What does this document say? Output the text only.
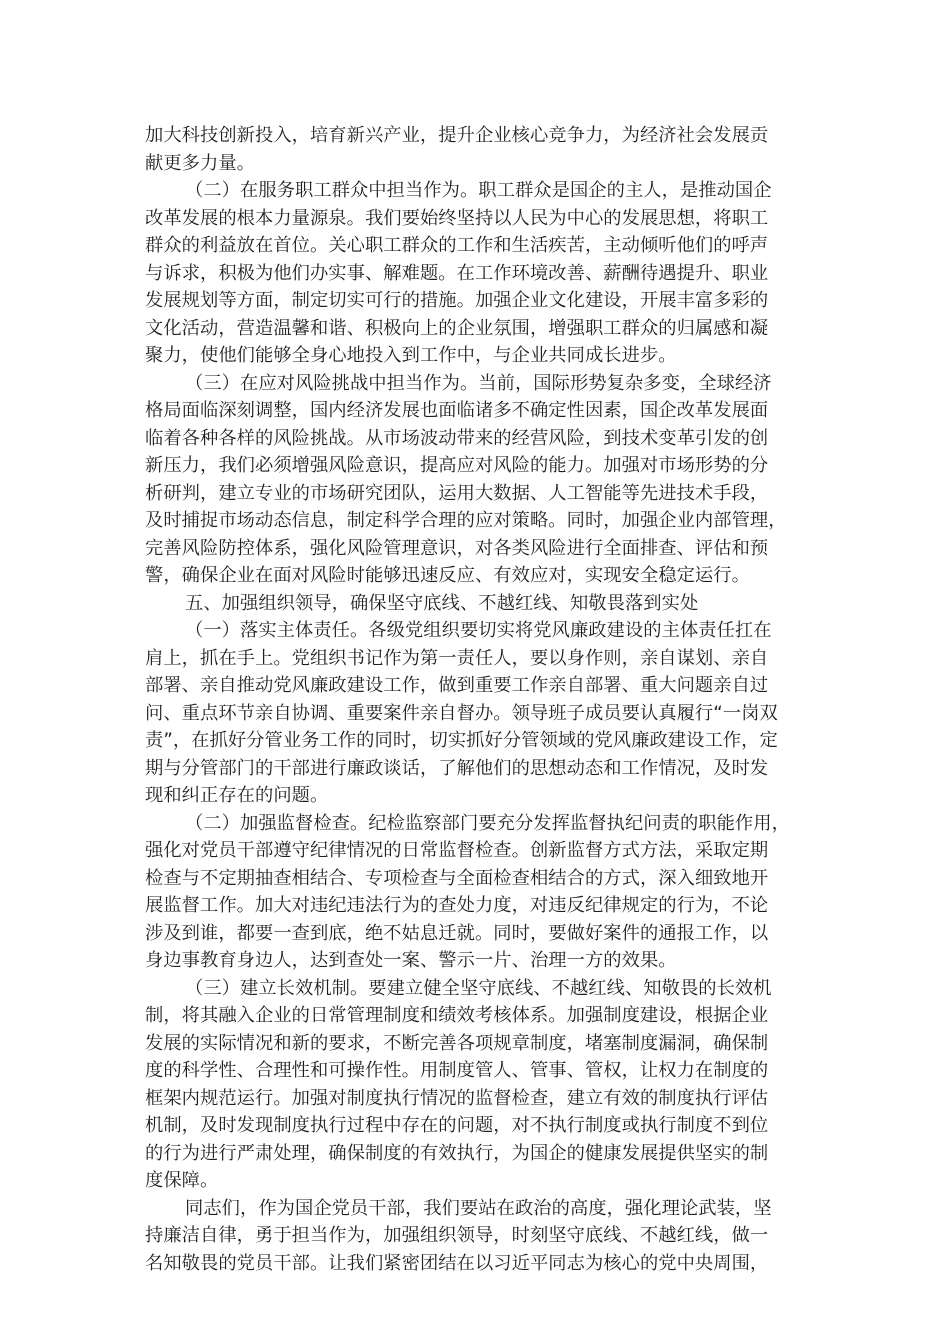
加大科技创新投入，培育新兴产业，提升企业核心竞争力，为经济社会发展贡
献更多力量。
（二）在服务职工群众中担当作为。职工群众是国企的主人，是推动国企
改革发展的根本力量源泉。我们要始终坚持以人民为中心的发展思想，将职工
群众的利益放在首位。关心职工群众的工作和生活疾苦，主动倾听他们的呼声
与诉求，积极为他们办实事、解难题。在工作环境改善、薪酬待遇提升、职业
发展规划等方面，制定切实可行的措施。加强企业文化建设，开展丰富多彩的
文化活动，营造温馨和谐、积极向上的企业氛围，增强职工群众的归属感和凝
聚力，使他们能够全身心地投入到工作中，与企业共同成长进步。
（三）在应对风险挑战中担当作为。当前，国际形势复杂多变，全球经济
格局面临深刻调整，国内经济发展也面临诸多不确定性因素，国企改革发展面
临着各种各样的风险挑战。从市场波动带来的经营风险，到技术变革引发的创
新压力，我们必须增强风险意识，提高应对风险的能力。加强对市场形势的分
析研判，建立专业的市场研究团队，运用大数据、人工智能等先进技术手段，
及时捕捉市场动态信息，制定科学合理的应对策略。同时，加强企业内部管理，
完善风险防控体系，强化风险管理意识，对各类风险进行全面排查、评估和预
警，确保企业在面对风险时能够迅速反应、有效应对，实现安全稳定运行。
五、加强组织领导，确保坚守底线、不越红线、知敬畏落到实处
（一）落实主体责任。各级党组织要切实将党风廉政建设的主体责任扛在
肩上，抓在手上。党组织书记作为第一责任人，要以身作则，亲自谋划、亲自
部署、亲自推动党风廉政建设工作，做到重要工作亲自部署、重大问题亲自过
问、重点环节亲自协调、重要案件亲自督办。领导班子成员要认真履行“一岗双
责”，在抓好分管业务工作的同时，切实抓好分管领域的党风廉政建设工作，定
期与分管部门的干部进行廉政谈话，了解他们的思想动态和工作情况，及时发
现和纠正存在的问题。
（二）加强监督检查。纪检监察部门要充分发挥监督执纪问责的职能作用，
强化对党员干部遵守纪律情况的日常监督检查。创新监督方式方法，采取定期
检查与不定期抽查相结合、专项检查与全面检查相结合的方式，深入细致地开
展监督工作。加大对违纪违法行为的查处力度，对违反纪律规定的行为，不论
涉及到谁，都要一查到底，绝不姑息迁就。同时，要做好案件的通报工作，以
身边事教育身边人，达到查处一案、警示一片、治理一方的效果。
（三）建立长效机制。要建立健全坚守底线、不越红线、知敬畏的长效机
制，将其融入企业的日常管理制度和绩效考核体系。加强制度建设，根据企业
发展的实际情况和新的要求，不断完善各项规章制度，堵塞制度漏洞，确保制
度的科学性、合理性和可操作性。用制度管人、管事、管权，让权力在制度的
框架内规范运行。加强对制度执行情况的监督检查，建立有效的制度执行评估
机制，及时发现制度执行过程中存在的问题，对不执行制度或执行制度不到位
的行为进行严肃处理，确保制度的有效执行，为国企的健康发展提供坚实的制
度保障。
同志们，作为国企党员干部，我们要站在政治的高度，强化理论武装，坚
持廉洁自律，勇于担当作为，加强组织领导，时刻坚守底线、不越红线，做一
名知敬畏的党员干部。让我们紧密团结在以习近平同志为核心的党中央周围，
